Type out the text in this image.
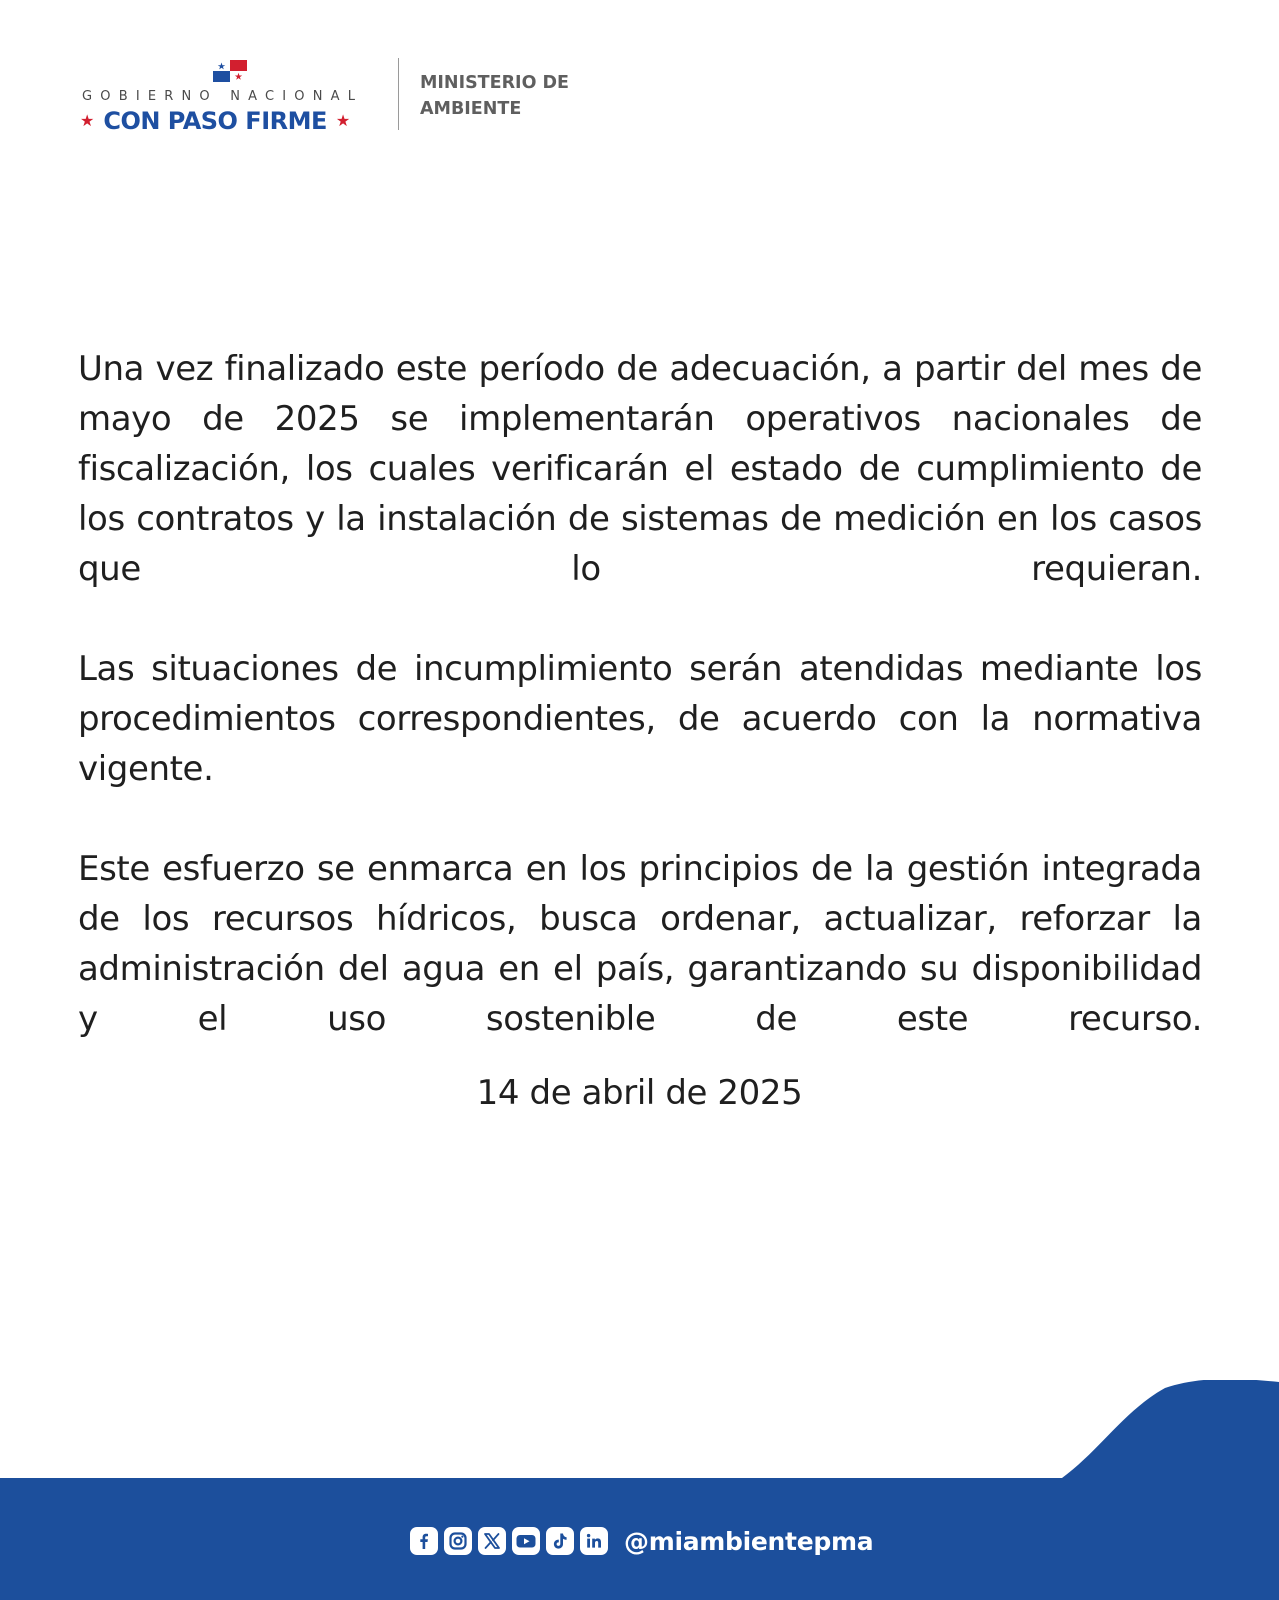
GOBIERNO NACIONAL
★ CON PASO FIRME ★
MINISTERIO DE
AMBIENTE

Una vez finalizado este período de adecuación, a partir del mes de mayo de 2025 se implementarán operativos nacionales de fiscalización, los cuales verificarán el estado de cumplimiento de los contratos y la instalación de sistemas de medición en los casos que lo requieran.

Las situaciones de incumplimiento serán atendidas mediante los procedimientos correspondientes, de acuerdo con la normativa vigente.

Este esfuerzo se enmarca en los principios de la gestión integrada de los recursos hídricos, busca ordenar, actualizar, reforzar la administración del agua en el país, garantizando su disponibilidad y el uso sostenible de este recurso.

14 de abril de 2025
@miambientepma
